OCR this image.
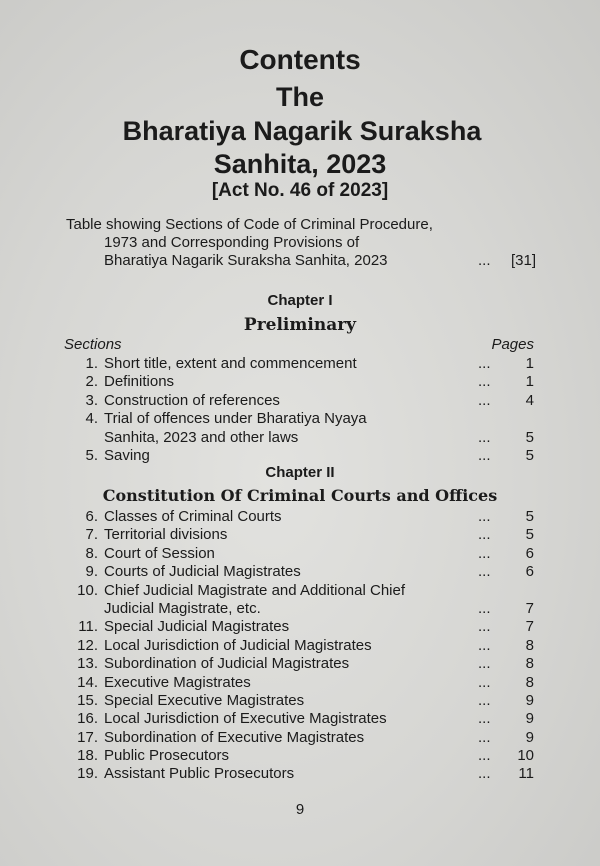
Contents
The
Bharatiya Nagarik Suraksha
Sanhita, 2023
[Act No. 46 of 2023]
Table showing Sections of Code of Criminal Procedure,
1973 and Corresponding Provisions of
Bharatiya Nagarik Suraksha Sanhita, 2023	... [31]
Chapter I
Preliminary
Sections	Pages
1. Short title, extent and commencement	... 1
2. Definitions	... 1
3. Construction of references	... 4
4. Trial of offences under Bharatiya Nyaya
Sanhita, 2023 and other laws	... 5
5. Saving	... 5
Chapter II
Constitution Of Criminal Courts and Offices
6. Classes of Criminal Courts	... 5
7. Territorial divisions	... 5
8. Court of Session	... 6
9. Courts of Judicial Magistrates	... 6
10. Chief Judicial Magistrate and Additional Chief
Judicial Magistrate, etc.	... 7
11. Special Judicial Magistrates	... 7
12. Local Jurisdiction of Judicial Magistrates	... 8
13. Subordination of Judicial Magistrates	... 8
14. Executive Magistrates	... 8
15. Special Executive Magistrates	... 9
16. Local Jurisdiction of Executive Magistrates	... 9
17. Subordination of Executive Magistrates	... 9
18. Public Prosecutors	... 10
19. Assistant Public Prosecutors	... 11
9
